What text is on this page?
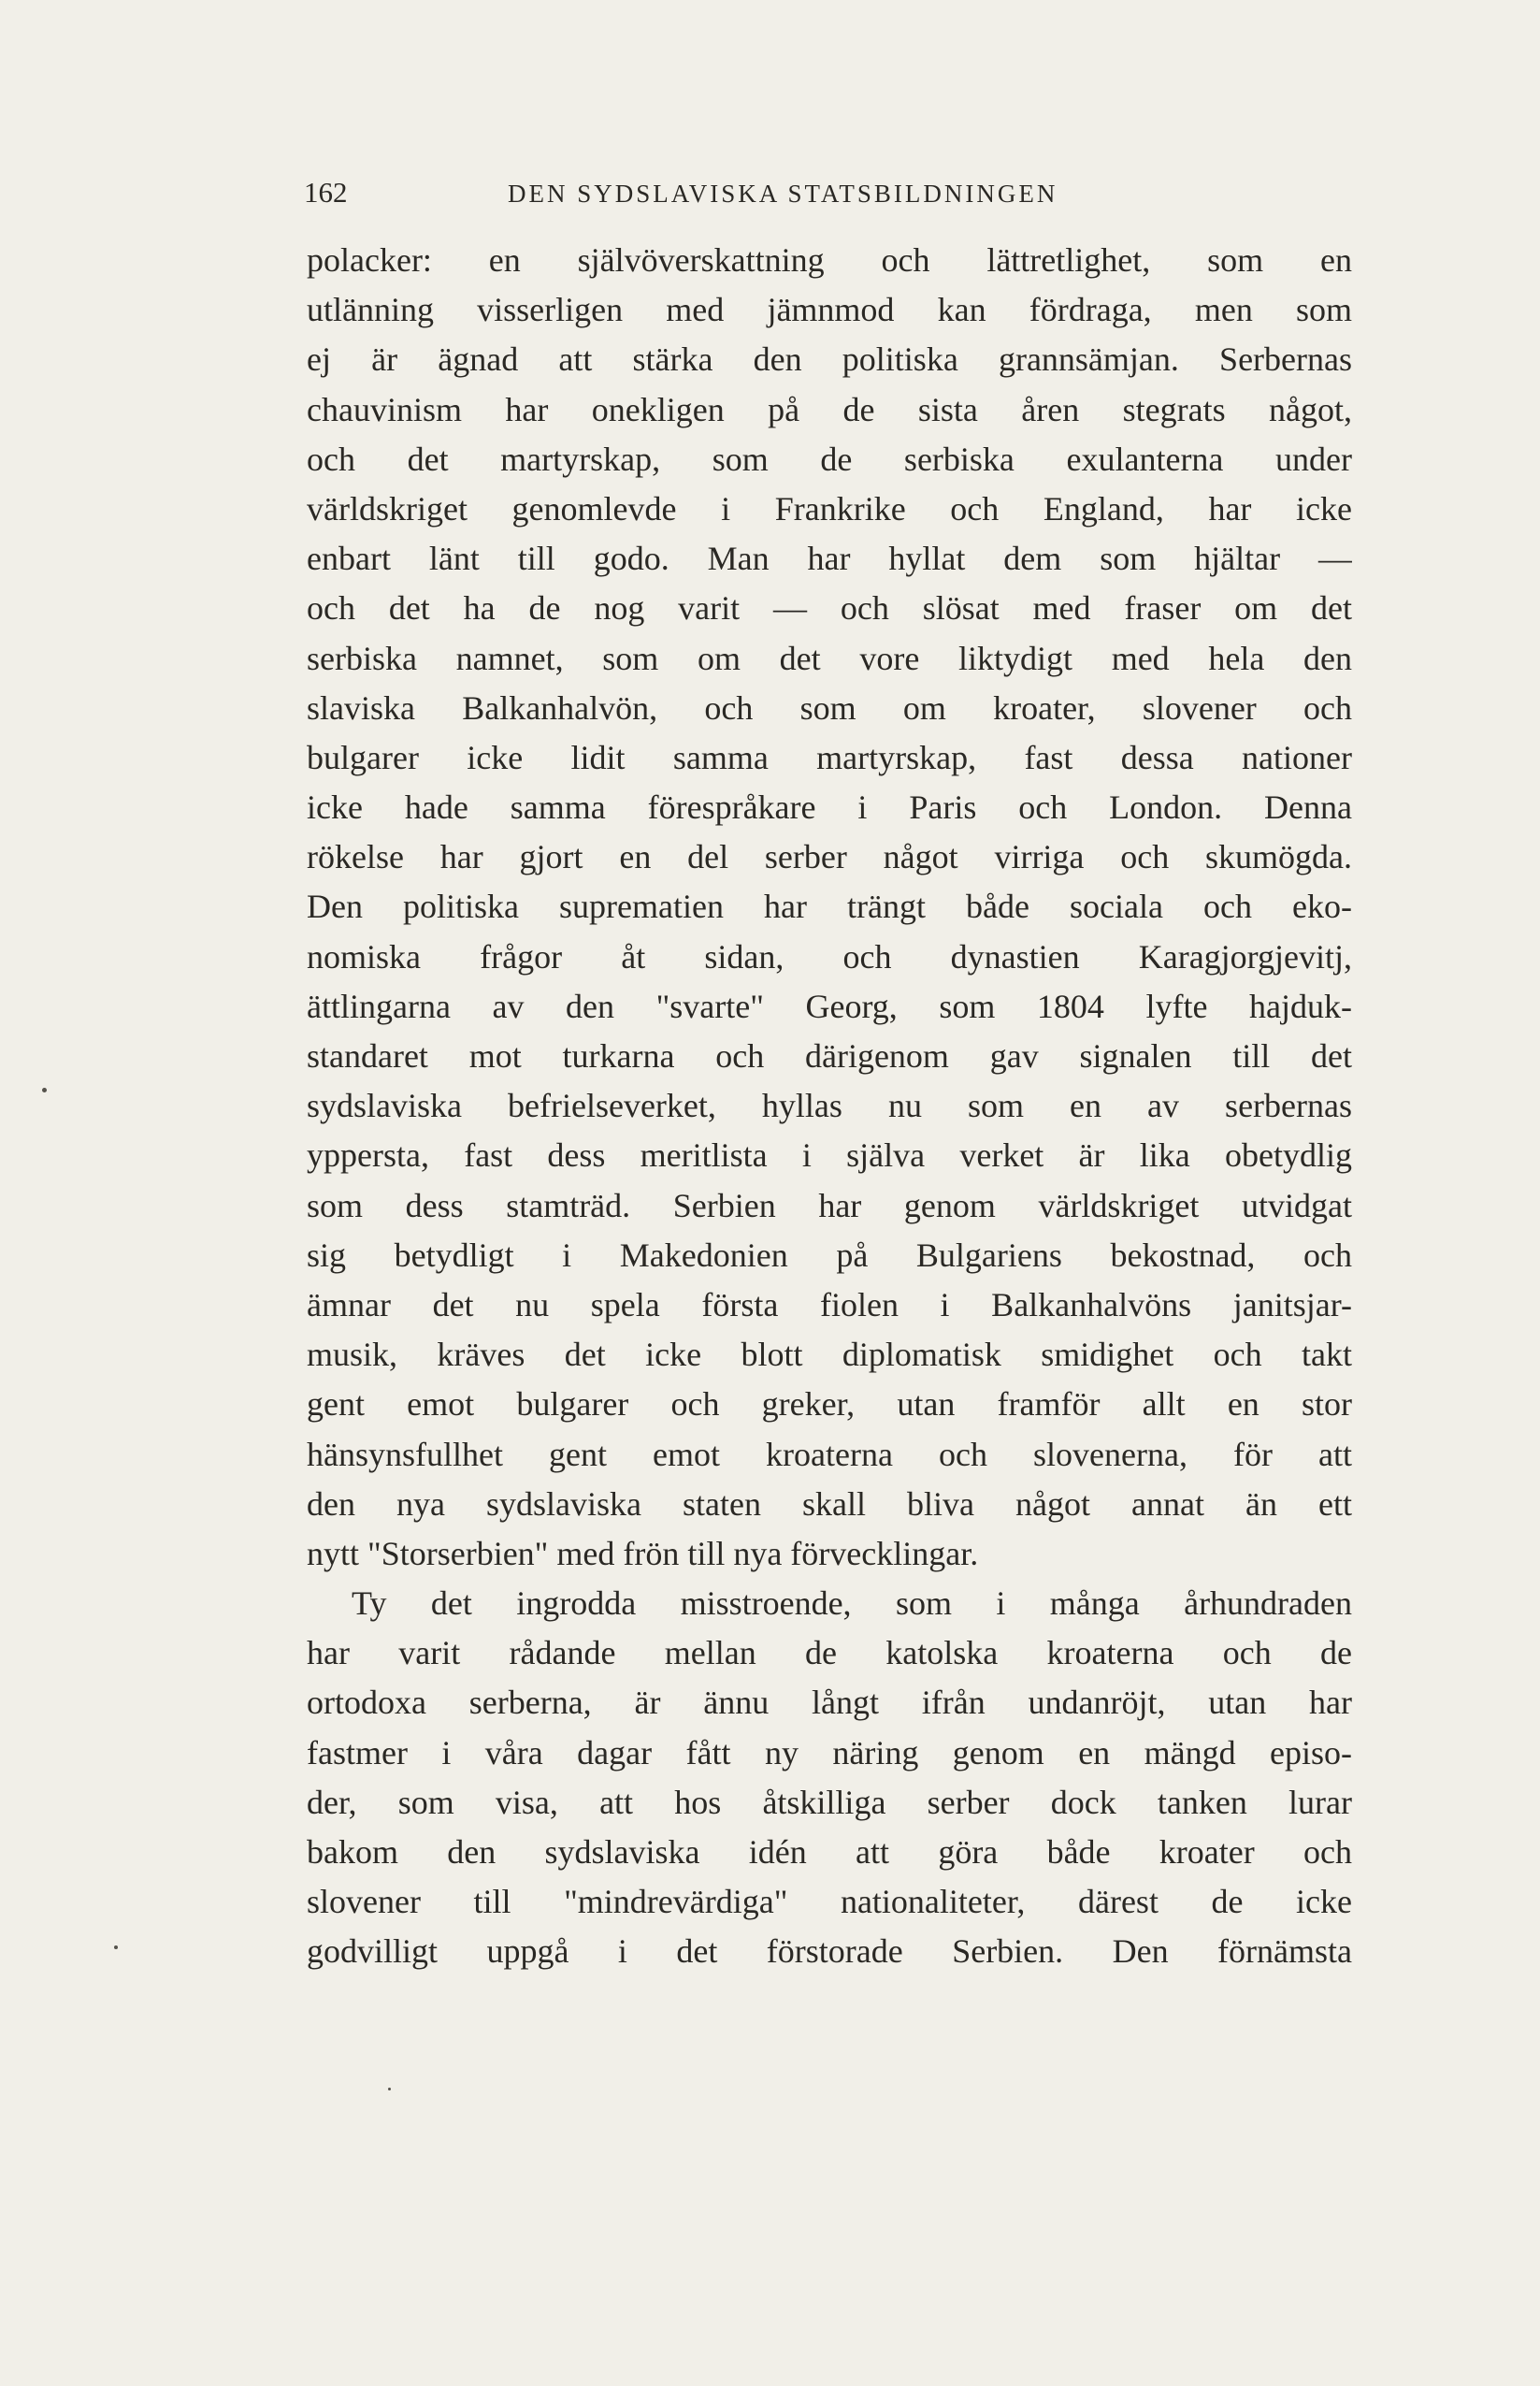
162	DEN SYDSLAVISKA STATSBILDNINGEN
polacker: en självöverskattning och lättretlighet, som en
utlänning visserligen med jämnmod kan fördraga, men som
ej är ägnad att stärka den politiska grannsämjan. Serbernas
chauvinism har onekligen på de sista åren stegrats något,
och det martyrskap, som de serbiska exulanterna under
världskriget genomlevde i Frankrike och England, har icke
enbart länt till godo. Man har hyllat dem som hjältar —
och det ha de nog varit — och slösat med fraser om det
serbiska namnet, som om det vore liktydigt med hela den
slaviska Balkanhalvön, och som om kroater, slovener och
bulgarer icke lidit samma martyrskap, fast dessa nationer
icke hade samma förespråkare i Paris och London. Denna
rökelse har gjort en del serber något virriga och skumögda.
Den politiska suprematien har trängt både sociala och eko-
nomiska frågor åt sidan, och dynastien Karagjorgjevitj,
ättlingarna av den "svarte" Georg, som 1804 lyfte hajduk-
standaret mot turkarna och därigenom gav signalen till det
sydslaviska befrielseverket, hyllas nu som en av serbernas
yppersta, fast dess meritlista i själva verket är lika obetydlig
som dess stamträd. Serbien har genom världskriget utvidgat
sig betydligt i Makedonien på Bulgariens bekostnad, och
ämnar det nu spela första fiolen i Balkanhalvöns janitsjar-
musik, kräves det icke blott diplomatisk smidighet och takt
gent emot bulgarer och greker, utan framför allt en stor
hänsynsfullhet gent emot kroaterna och slovenerna, för att
den nya sydslaviska staten skall bliva något annat än ett
nytt "Storserbien" med frön till nya förvecklingar.
Ty det ingrodda misstroende, som i många århundraden
har varit rådande mellan de katolska kroaterna och de
ortodoxa serberna, är ännu långt ifrån undanröjt, utan har
fastmer i våra dagar fått ny näring genom en mängd episo-
der, som visa, att hos åtskilliga serber dock tanken lurar
bakom den sydslaviska idén att göra både kroater och
slovener till "mindrevärdiga" nationaliteter, därest de icke
godvilligt uppgå i det förstorade Serbien. Den förnämsta
